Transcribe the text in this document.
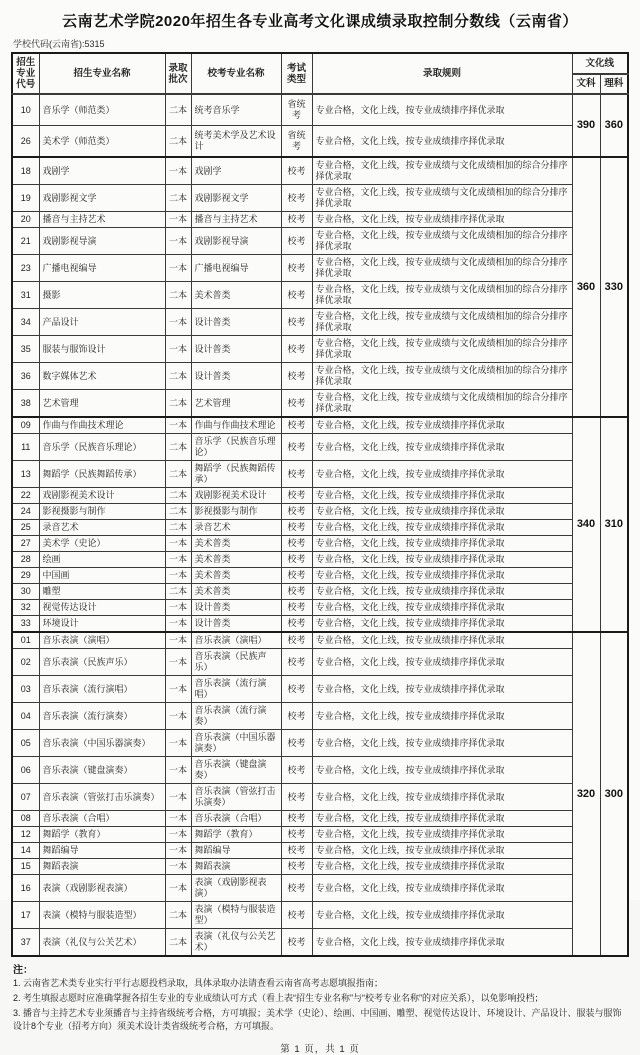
云南艺术学院2020年招生各专业高考文化课成绩录取控制分数线（云南省）
学校代码(云南省):5315
招生专业代号	招生专业名称	录取批次	校考专业名称	考试类型	录取规则	文化线	
						文科	理科
10	音乐学（师范类）	二本	统考音乐学	省统考	专业合格，文化上线，按专业成绩排序择优录取	390	360
26	美术学（师范类）	二本	统考美术学及艺术设计	省统考	专业合格，文化上线，按专业成绩排序择优录取		
18	戏剧学	一本	戏剧学	校考	专业合格，文化上线，按专业成绩与文化成绩相加的综合分排序择优录取	360	330
19	戏剧影视文学	二本	戏剧影视文学	校考	专业合格，文化上线，按专业成绩与文化成绩相加的综合分排序择优录取		
20	播音与主持艺术	一本	播音与主持艺术	校考	专业合格，文化上线，按专业成绩排序择优录取		
21	戏剧影视导演	一本	戏剧影视导演	校考	专业合格，文化上线，按专业成绩与文化成绩相加的综合分排序择优录取		
23	广播电视编导	一本	广播电视编导	校考	专业合格，文化上线，按专业成绩与文化成绩相加的综合分排序择优录取		
31	摄影	二本	美术普类	校考	专业合格，文化上线，按专业成绩与文化成绩相加的综合分排序择优录取		
34	产品设计	一本	设计普类	校考	专业合格，文化上线，按专业成绩与文化成绩相加的综合分排序择优录取		
35	服装与服饰设计	一本	设计普类	校考	专业合格，文化上线，按专业成绩与文化成绩相加的综合分排序择优录取		
36	数字媒体艺术	二本	设计普类	校考	专业合格，文化上线，按专业成绩与文化成绩相加的综合分排序择优录取		
38	艺术管理	二本	艺术管理	校考	专业合格，文化上线，按专业成绩与文化成绩相加的综合分排序择优录取		
09	作曲与作曲技术理论	一本	作曲与作曲技术理论	校考	专业合格，文化上线，按专业成绩排序择优录取	340	310
11	音乐学（民族音乐理论）	二本	音乐学（民族音乐理论）	校考	专业合格，文化上线，按专业成绩排序择优录取		
13	舞蹈学（民族舞蹈传承）	二本	舞蹈学（民族舞蹈传承）	校考	专业合格，文化上线，按专业成绩排序择优录取		
22	戏剧影视美术设计	二本	戏剧影视美术设计	校考	专业合格，文化上线，按专业成绩排序择优录取		
24	影视摄影与制作	二本	影视摄影与制作	校考	专业合格，文化上线，按专业成绩排序择优录取		
25	录音艺术	二本	录音艺术	校考	专业合格，文化上线，按专业成绩排序择优录取		
27	美术学（史论）	一本	美术普类	校考	专业合格，文化上线，按专业成绩排序择优录取		
28	绘画	一本	美术普类	校考	专业合格，文化上线，按专业成绩排序择优录取		
29	中国画	一本	美术普类	校考	专业合格，文化上线，按专业成绩排序择优录取		
30	雕塑	二本	美术普类	校考	专业合格，文化上线，按专业成绩排序择优录取		
32	视觉传达设计	一本	设计普类	校考	专业合格，文化上线，按专业成绩排序择优录取		
33	环境设计	一本	设计普类	校考	专业合格，文化上线，按专业成绩排序择优录取		
01	音乐表演（演唱）	一本	音乐表演（演唱）	校考	专业合格，文化上线，按专业成绩排序择优录取	320	300
02	音乐表演（民族声乐）	一本	音乐表演（民族声乐）	校考	专业合格，文化上线，按专业成绩排序择优录取		
03	音乐表演（流行演唱）	一本	音乐表演（流行演唱）	校考	专业合格，文化上线，按专业成绩排序择优录取		
04	音乐表演（流行演奏）	一本	音乐表演（流行演奏）	校考	专业合格，文化上线，按专业成绩排序择优录取		
05	音乐表演（中国乐器演奏）	一本	音乐表演（中国乐器演奏）	校考	专业合格，文化上线，按专业成绩排序择优录取		
06	音乐表演（键盘演奏）	一本	音乐表演（键盘演奏）	校考	专业合格，文化上线，按专业成绩排序择优录取		
07	音乐表演（管弦打击乐演奏）	一本	音乐表演（管弦打击乐演奏）	校考	专业合格，文化上线，按专业成绩排序择优录取		
08	音乐表演（合唱）	一本	音乐表演（合唱）	校考	专业合格，文化上线，按专业成绩排序择优录取		
12	舞蹈学（教育）	一本	舞蹈学（教育）	校考	专业合格，文化上线，按专业成绩排序择优录取		
14	舞蹈编导	一本	舞蹈编导	校考	专业合格，文化上线，按专业成绩排序择优录取		
15	舞蹈表演	一本	舞蹈表演	校考	专业合格，文化上线，按专业成绩排序择优录取		
16	表演（戏剧影视表演）	一本	表演（戏剧影视表演）	校考	专业合格，文化上线，按专业成绩排序择优录取		
17	表演（模特与服装造型）	二本	表演（模特与服装造型）	校考	专业合格，文化上线，按专业成绩排序择优录取		
37	表演（礼仪与公关艺术）	二本	表演（礼仪与公关艺术）	校考	专业合格，文化上线，按专业成绩排序择优录取		
注：

1. 云南省艺术类专业实行平行志愿投档录取，具体录取办法请查看云南省高考志愿填报指南；

2. 考生填报志愿时应准确掌握各招生专业的专业成绩认可方式（看上表“招生专业名称”与“校考专业名称”的对应关系），以免影响投档；

3. 播音与主持艺术专业须播音与主持省级统考合格，方可填报；美术学（史论）、绘画、中国画、雕塑、视觉传达设计、环境设计、产品设计、服装与服饰设计8个专业（招考方向）须美术设计类省级统考合格，方可填报。

第 1 页，共 1 页
